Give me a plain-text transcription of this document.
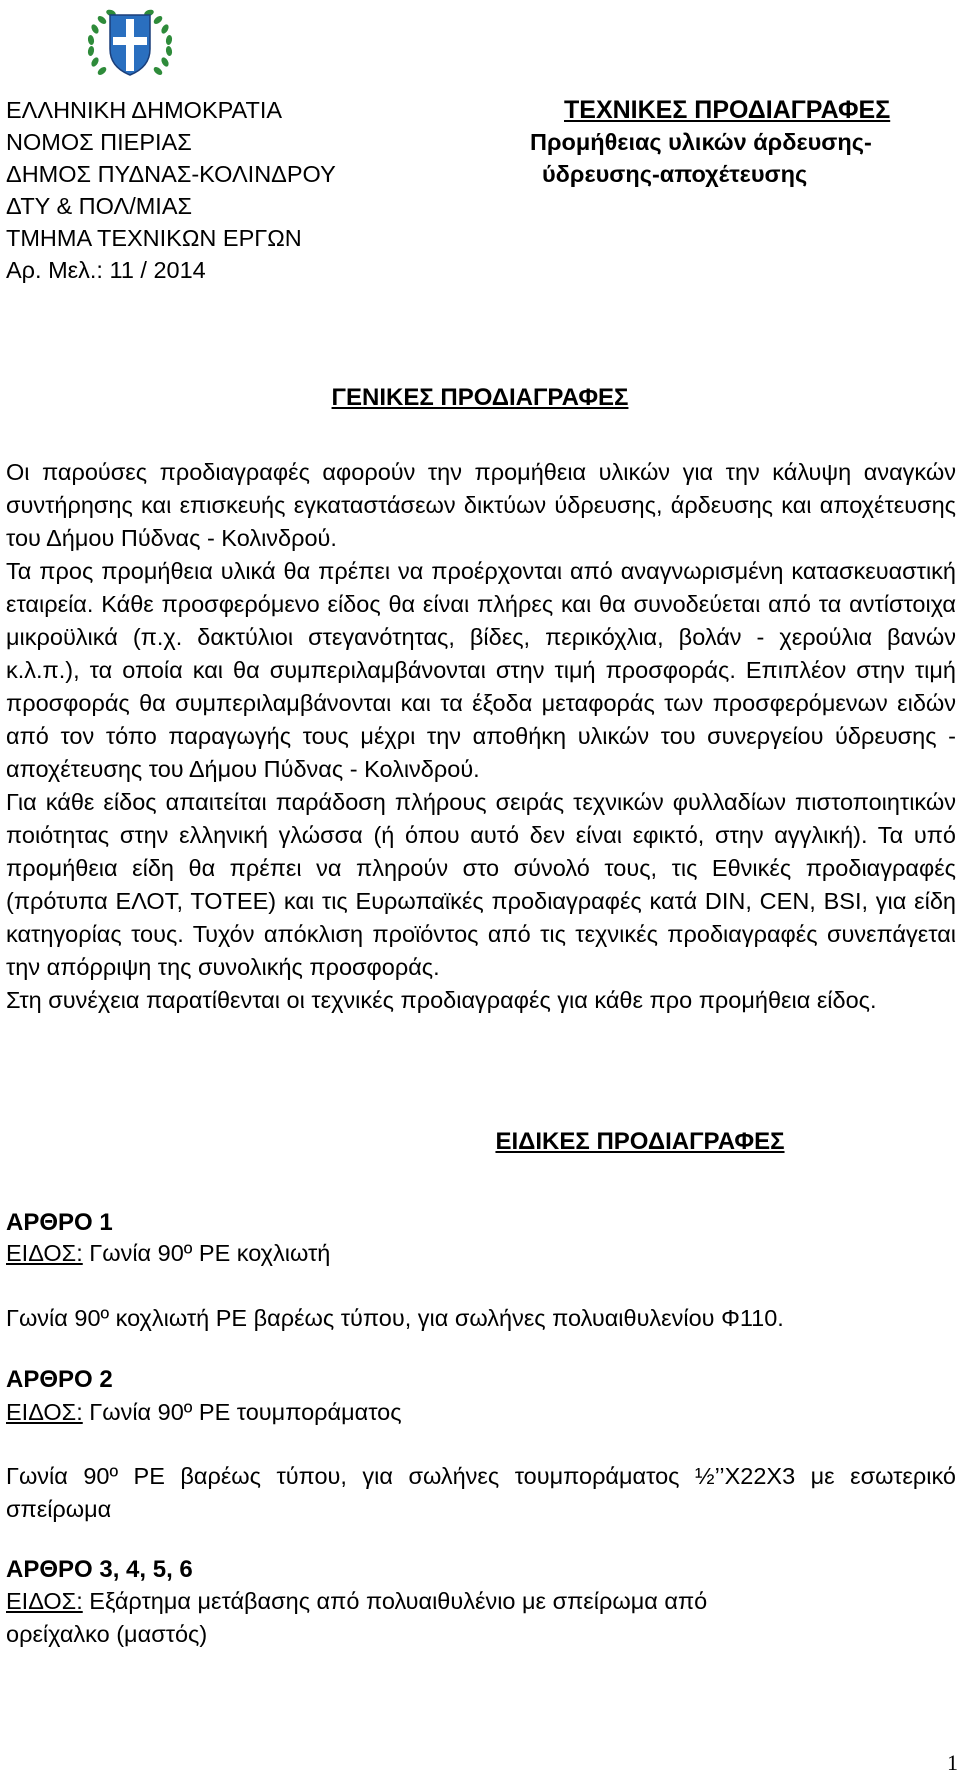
ΕΛΛΗΝΙΚΗ ΔΗΜΟΚΡΑΤΙΑ
ΝΟΜΟΣ ΠΙΕΡΙΑΣ
ΔΗΜΟΣ ΠΥΔΝΑΣ-ΚΟΛΙΝΔΡΟΥ
ΔΤΥ & ΠΟΛ/ΜΙΑΣ
ΤΜΗΜΑ ΤΕΧΝΙΚΩΝ ΕΡΓΩΝ
Αρ. Μελ.: 11 / 2014
ΤΕΧΝΙΚΕΣ ΠΡΟΔΙΑΓΡΑΦΕΣ
Προμήθειας υλικών άρδευσης-
ύδρευσης-αποχέτευσης
ΓΕΝΙΚΕΣ ΠΡΟΔΙΑΓΡΑΦΕΣ

Οι παρούσες προδιαγραφές αφορούν την προμήθεια υλικών για την κάλυψη αναγκών συντήρησης και επισκευής εγκαταστάσεων δικτύων ύδρευσης, άρδευσης και αποχέτευσης του Δήμου Πύδνας - Κολινδρού.

Τα προς προμήθεια υλικά θα πρέπει να προέρχονται από αναγνωρισμένη κατασκευαστική εταιρεία. Κάθε προσφερόμενο είδος θα είναι πλήρες και θα συνοδεύεται από τα αντίστοιχα μικροϋλικά (π.χ. δακτύλιοι στεγανότητας, βίδες, περικόχλια, βολάν - χερούλια βανών κ.λ.π.), τα οποία και θα συμπεριλαμβάνονται στην τιμή προσφοράς. Επιπλέον στην τιμή προσφοράς θα συμπεριλαμβάνονται και τα έξοδα μεταφοράς των προσφερόμενων ειδών από τον τόπο παραγωγής τους μέχρι την αποθήκη υλικών του συνεργείου ύδρευσης - αποχέτευσης του Δήμου Πύδνας - Κολινδρού.

Για κάθε είδος απαιτείται παράδοση πλήρους σειράς τεχνικών φυλλαδίων πιστοποιητικών ποιότητας στην ελληνική γλώσσα (ή όπου αυτό δεν είναι εφικτό, στην αγγλική). Τα υπό προμήθεια είδη θα πρέπει να πληρούν στο σύνολό τους, τις Εθνικές προδιαγραφές (πρότυπα ΕΛΟΤ, ΤΟΤΕΕ) και τις Ευρωπαϊκές προδιαγραφές κατά DIN, CEN, BSI, για είδη κατηγορίας τους. Τυχόν απόκλιση προϊόντος από τις τεχνικές προδιαγραφές συνεπάγεται την απόρριψη της συνολικής προσφοράς.

Στη συνέχεια παρατίθενται οι τεχνικές προδιαγραφές για κάθε προ προμήθεια είδος.

ΕΙΔΙΚΕΣ ΠΡΟΔΙΑΓΡΑΦΕΣ
ΑΡΘΡΟ 1
ΕΙΔΟΣ: Γωνία 90º PE κοχλιωτή
Γωνία 90º κοχλιωτή PE βαρέως τύπου, για σωλήνες πολυαιθυλενίου Φ110.
ΑΡΘΡΟ 2
ΕΙΔΟΣ: Γωνία 90º PE τουμποράματος
Γωνία 90º PE βαρέως τύπου, για σωλήνες τουμποράματος ½’’Χ22Χ3 με εσωτερικό σπείρωμα
ΑΡΘΡΟ 3, 4, 5, 6
ΕΙΔΟΣ: Εξάρτημα μετάβασης από πολυαιθυλένιο με σπείρωμα από
ορείχαλκο (μαστός)
1
